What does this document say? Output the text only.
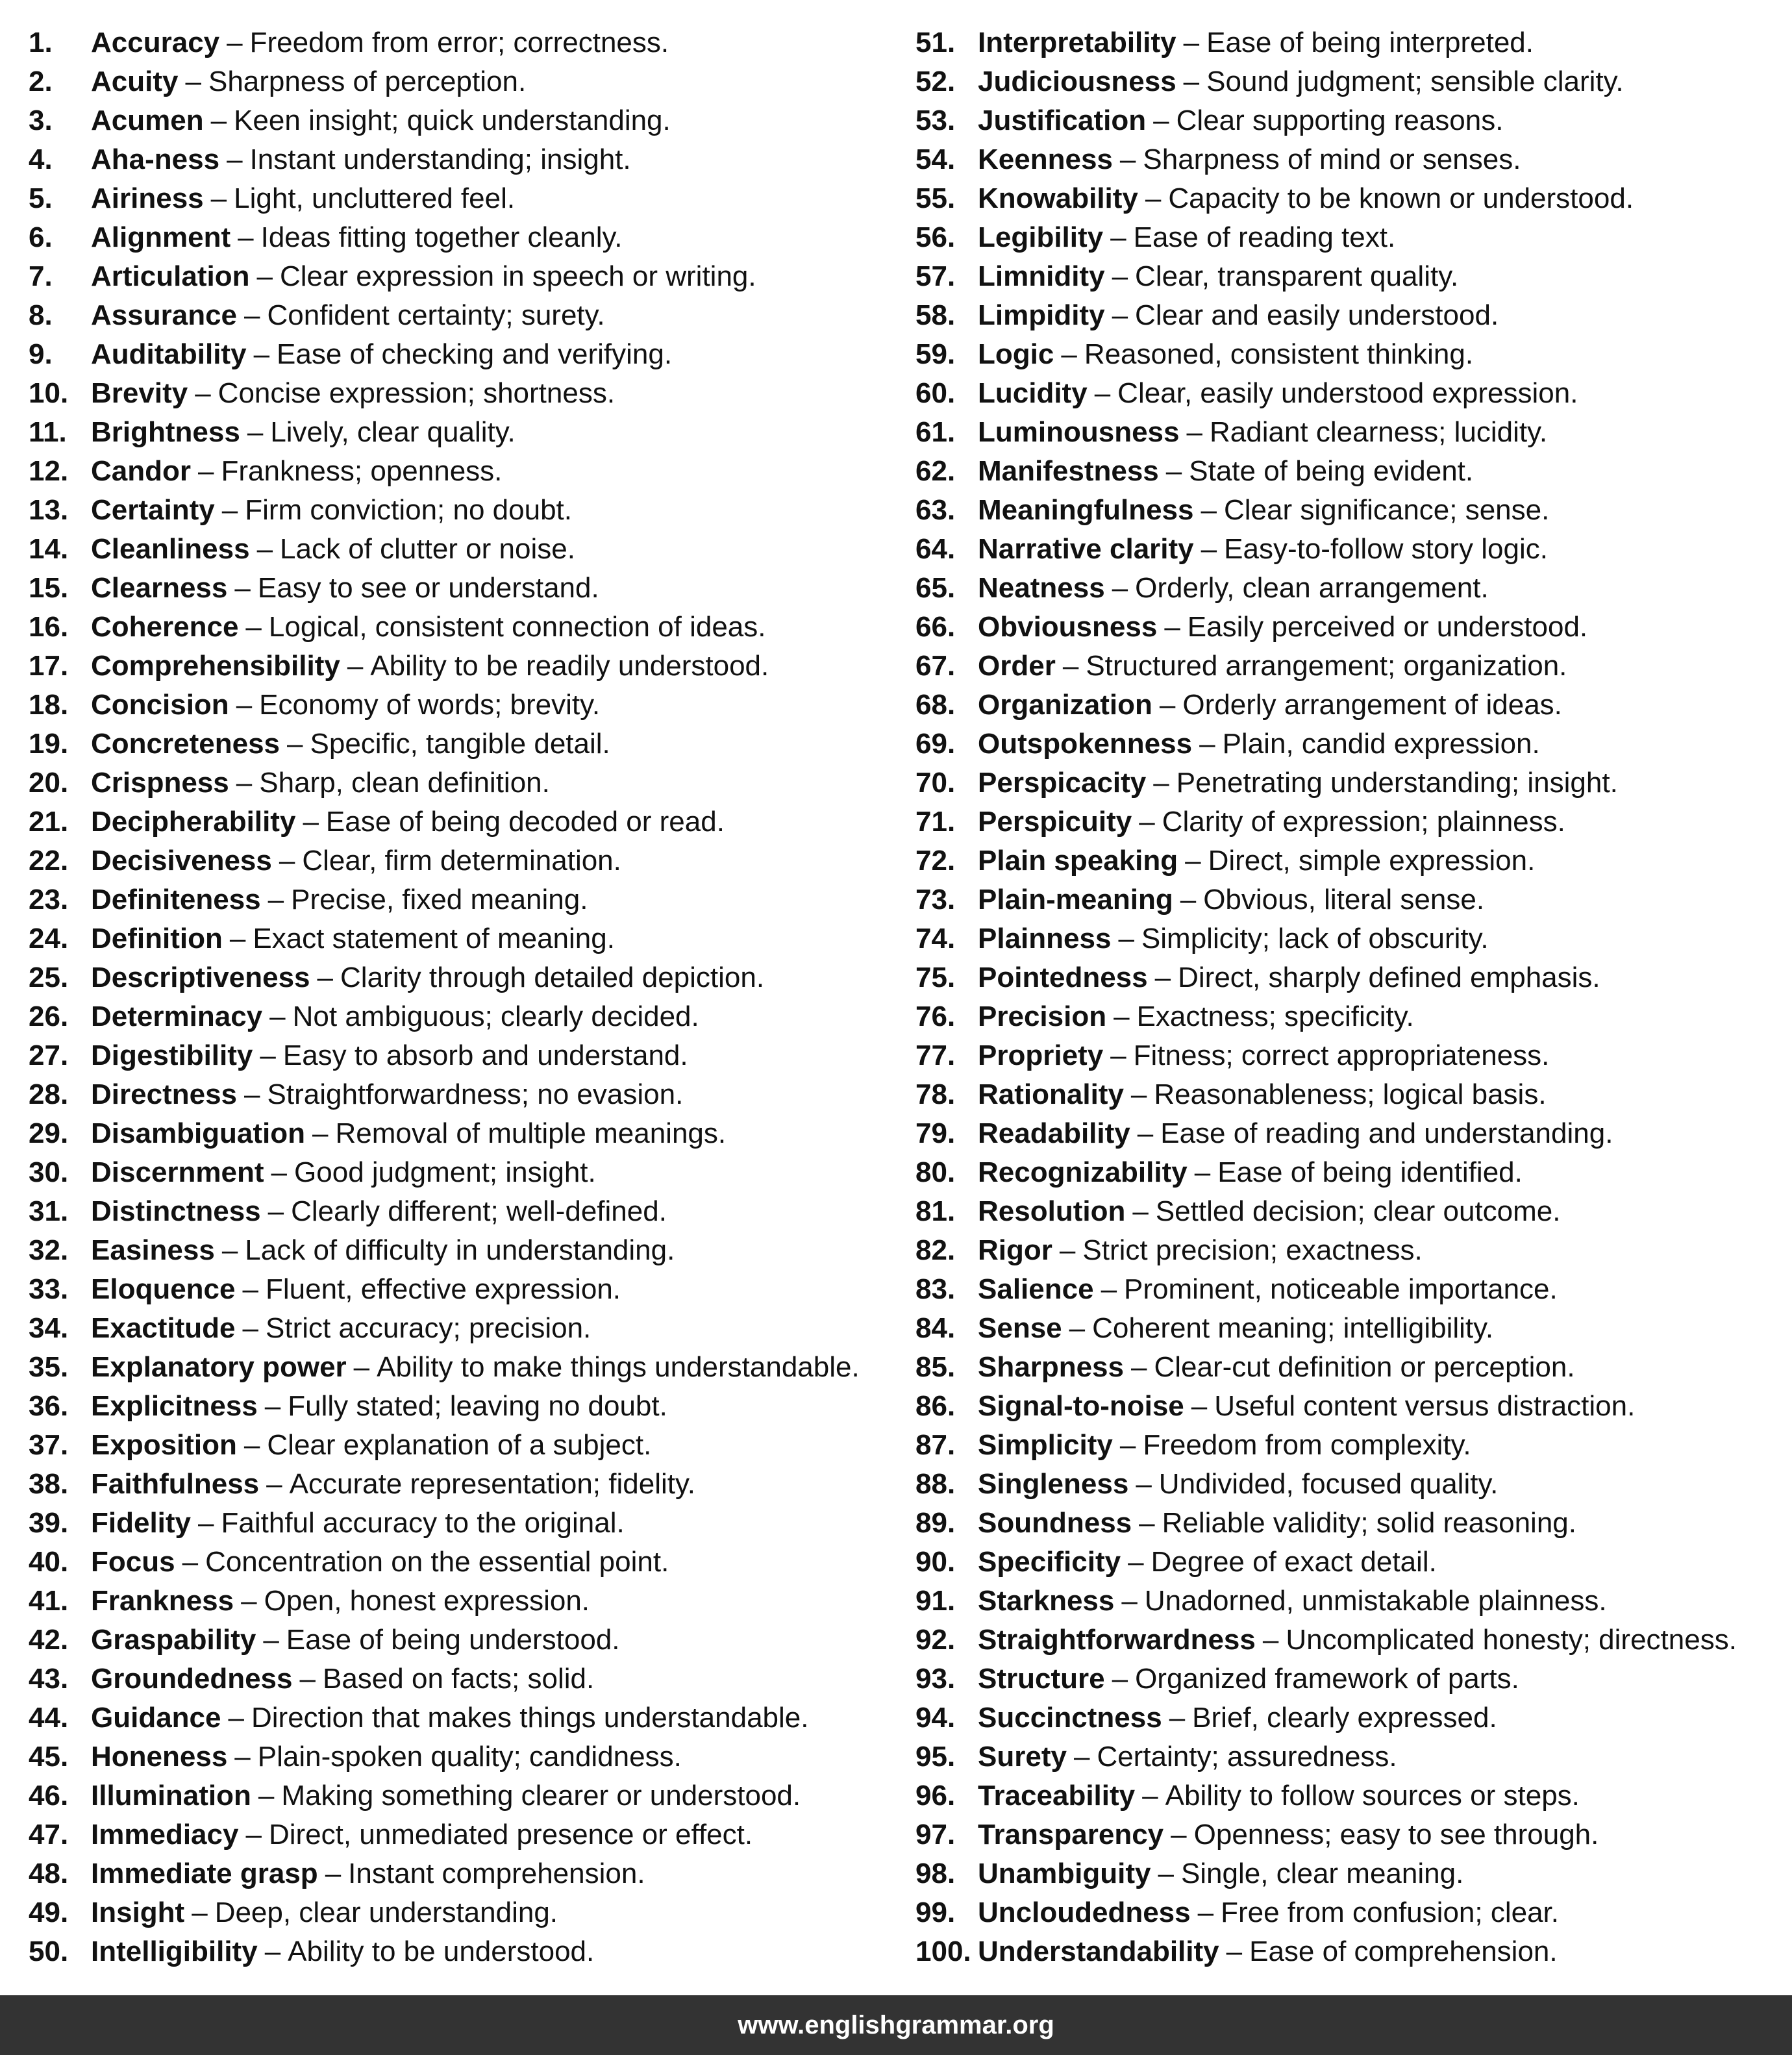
1.	Accuracy – Freedom from error; correctness.
2.	Acuity – Sharpness of perception.
3.	Acumen – Keen insight; quick understanding.
4.	Aha-ness – Instant understanding; insight.
5.	Airiness – Light, uncluttered feel.
6.	Alignment – Ideas fitting together cleanly.
7.	Articulation – Clear expression in speech or writing.
8.	Assurance – Confident certainty; surety.
9.	Auditability – Ease of checking and verifying.
10. Brevity – Concise expression; shortness.
11. Brightness – Lively, clear quality.
12. Candor – Frankness; openness.
13. Certainty – Firm conviction; no doubt.
14. Cleanliness – Lack of clutter or noise.
15. Clearness – Easy to see or understand.
16. Coherence – Logical, consistent connection of ideas.
17. Comprehensibility – Ability to be readily understood.
18. Concision – Economy of words; brevity.
19. Concreteness – Specific, tangible detail.
20. Crispness – Sharp, clean definition.
21. Decipherability – Ease of being decoded or read.
22. Decisiveness – Clear, firm determination.
23. Definiteness – Precise, fixed meaning.
24. Definition – Exact statement of meaning.
25. Descriptiveness – Clarity through detailed depiction.
26. Determinacy – Not ambiguous; clearly decided.
27. Digestibility – Easy to absorb and understand.
28. Directness – Straightforwardness; no evasion.
29. Disambiguation – Removal of multiple meanings.
30. Discernment – Good judgment; insight.
31. Distinctness – Clearly different; well-defined.
32. Easiness – Lack of difficulty in understanding.
33. Eloquence – Fluent, effective expression.
34. Exactitude – Strict accuracy; precision.
35. Explanatory power – Ability to make things understandable.
36. Explicitness – Fully stated; leaving no doubt.
37. Exposition – Clear explanation of a subject.
38. Faithfulness – Accurate representation; fidelity.
39. Fidelity – Faithful accuracy to the original.
40. Focus – Concentration on the essential point.
41. Frankness – Open, honest expression.
42. Graspability – Ease of being understood.
43. Groundedness – Based on facts; solid.
44. Guidance – Direction that makes things understandable.
45. Honeness – Plain-spoken quality; candidness.
46. Illumination – Making something clearer or understood.
47. Immediacy – Direct, unmediated presence or effect.
48. Immediate grasp – Instant comprehension.
49. Insight – Deep, clear understanding.
50. Intelligibility – Ability to be understood.
51. Interpretability – Ease of being interpreted.
52. Judiciousness – Sound judgment; sensible clarity.
53. Justification – Clear supporting reasons.
54. Keenness – Sharpness of mind or senses.
55. Knowability – Capacity to be known or understood.
56. Legibility – Ease of reading text.
57. Limnidity – Clear, transparent quality.
58. Limpidity – Clear and easily understood.
59. Logic – Reasoned, consistent thinking.
60. Lucidity – Clear, easily understood expression.
61. Luminousness – Radiant clearness; lucidity.
62. Manifestness – State of being evident.
63. Meaningfulness – Clear significance; sense.
64. Narrative clarity – Easy-to-follow story logic.
65. Neatness – Orderly, clean arrangement.
66. Obviousness – Easily perceived or understood.
67. Order – Structured arrangement; organization.
68. Organization – Orderly arrangement of ideas.
69. Outspokenness – Plain, candid expression.
70. Perspicacity – Penetrating understanding; insight.
71. Perspicuity – Clarity of expression; plainness.
72. Plain speaking – Direct, simple expression.
73. Plain-meaning – Obvious, literal sense.
74. Plainness – Simplicity; lack of obscurity.
75. Pointedness – Direct, sharply defined emphasis.
76. Precision – Exactness; specificity.
77. Propriety – Fitness; correct appropriateness.
78. Rationality – Reasonableness; logical basis.
79. Readability – Ease of reading and understanding.
80. Recognizability – Ease of being identified.
81. Resolution – Settled decision; clear outcome.
82. Rigor – Strict precision; exactness.
83. Salience – Prominent, noticeable importance.
84. Sense – Coherent meaning; intelligibility.
85. Sharpness – Clear-cut definition or perception.
86. Signal-to-noise – Useful content versus distraction.
87. Simplicity – Freedom from complexity.
88. Singleness – Undivided, focused quality.
89. Soundness – Reliable validity; solid reasoning.
90. Specificity – Degree of exact detail.
91. Starkness – Unadorned, unmistakable plainness.
92. Straightforwardness – Uncomplicated honesty; directness.
93. Structure – Organized framework of parts.
94. Succinctness – Brief, clearly expressed.
95. Surety – Certainty; assuredness.
96. Traceability – Ability to follow sources or steps.
97. Transparency – Openness; easy to see through.
98. Unambiguity – Single, clear meaning.
99. Uncloudedness – Free from confusion; clear.
100. Understandability – Ease of comprehension.
www.englishgrammar.org
